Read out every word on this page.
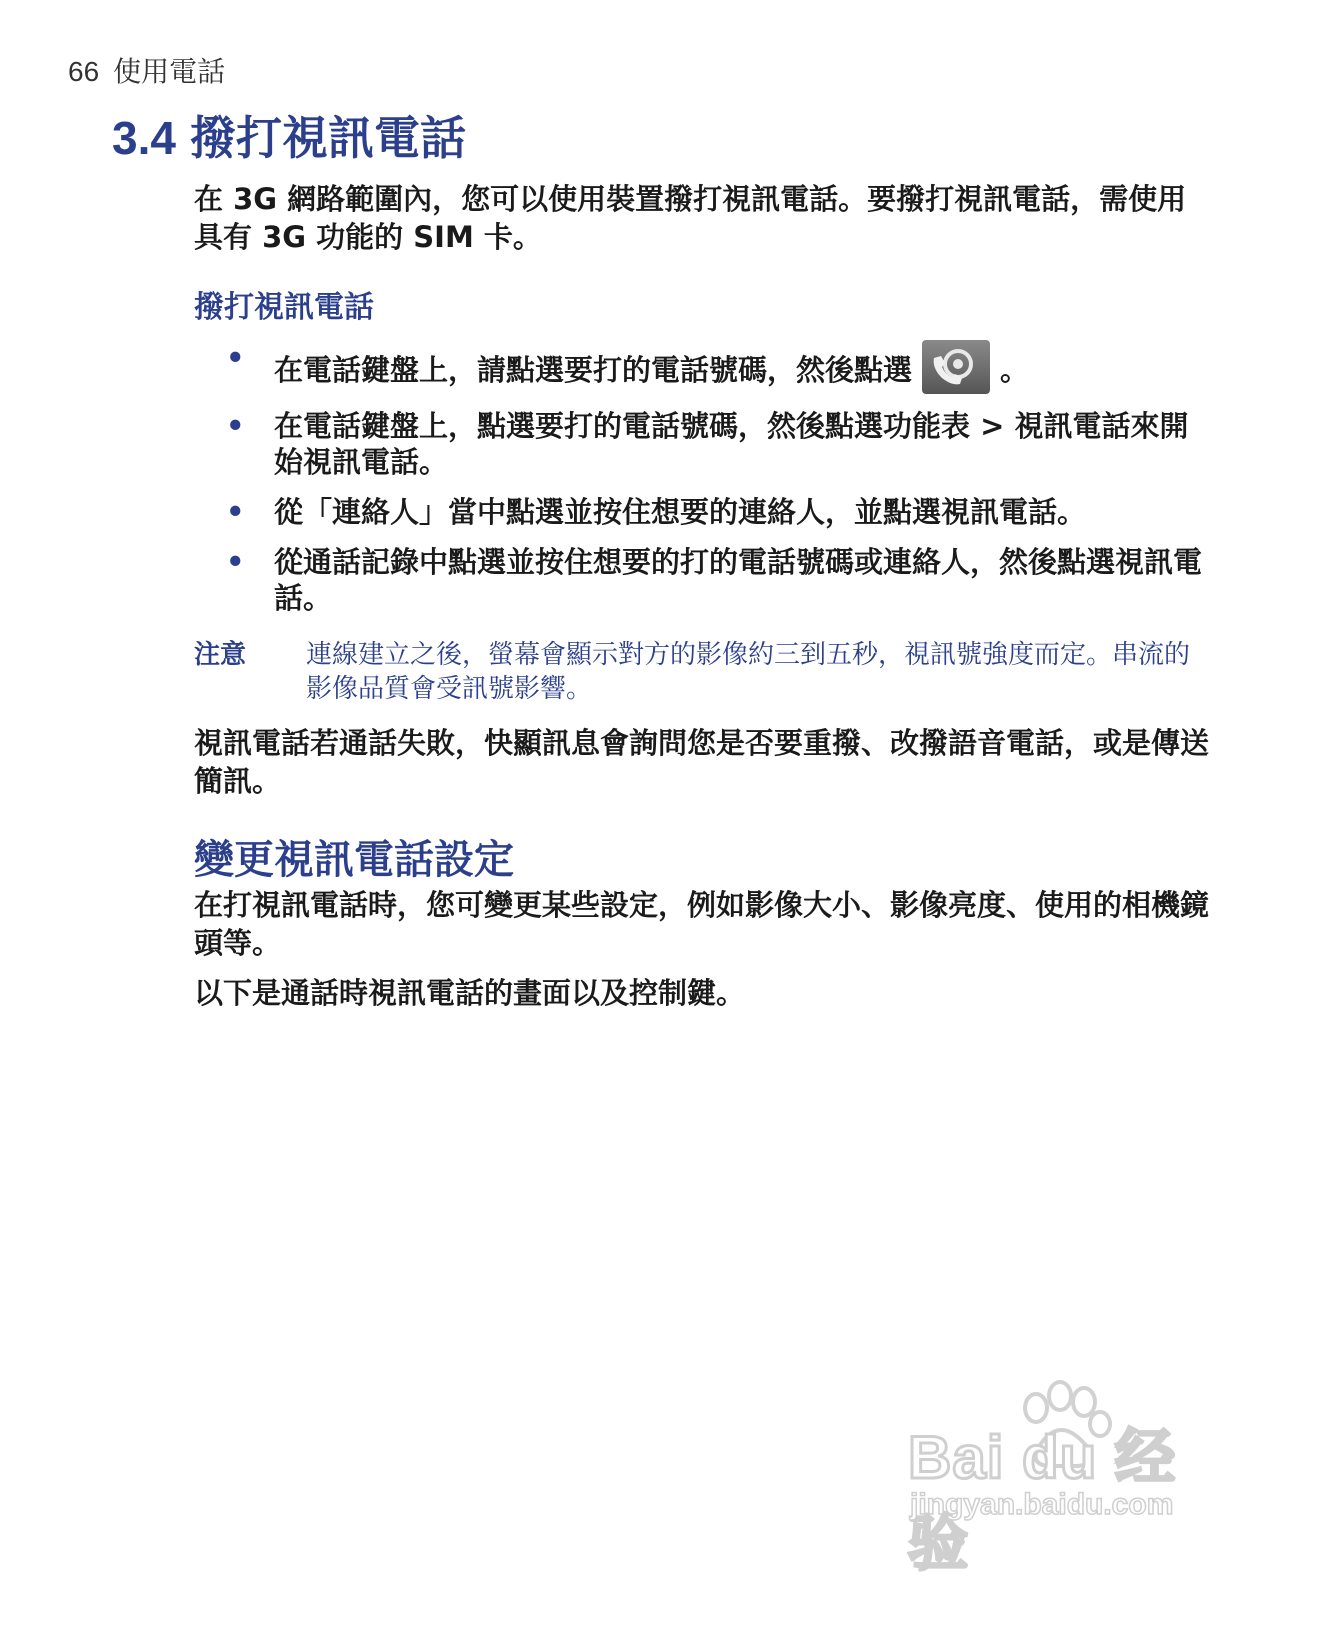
66 使用電話
3.4 撥打視訊電話

在 3G 網路範圍內，您可以使用裝置撥打視訊電話。要撥打視訊電話，需使用具有 3G 功能的 SIM 卡。

撥打視訊電話
• 在電話鍵盤上，請點選要打的電話號碼，然後點選	。
• 在電話鍵盤上，點選要打的電話號碼，然後點選功能表 > 視訊電話來開始視訊電話。
• 從「連絡人」當中點選並按住想要的連絡人，並點選視訊電話。
• 從通話記錄中點選並按住想要的打的電話號碼或連絡人，然後點選視訊電話。
注意	連線建立之後，螢幕會顯示對方的影像約三到五秒，視訊號強度而定。串流的影像品質會受訊號影響。

視訊電話若通話失敗，快顯訊息會詢問您是否要重撥、改撥語音電話，或是傳送簡訊。

變更視訊電話設定

在打視訊電話時，您可變更某些設定，例如影像大小、影像亮度、使用的相機鏡頭等。

以下是通話時視訊電話的畫面以及控制鍵。

Bai du 经验
jingyan.baidu.com
